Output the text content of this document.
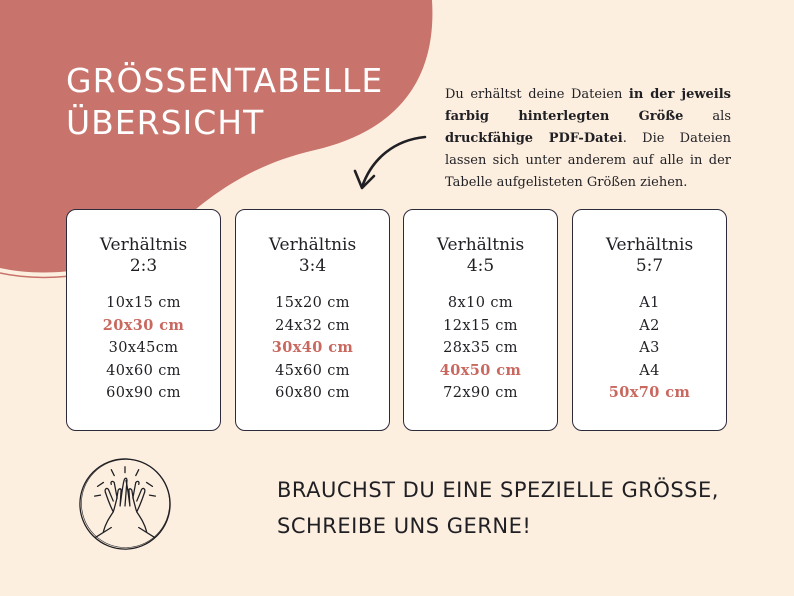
GRÖSSENTABELLE
ÜBERSICHT

Du erhältst deine Dateien in der jeweils farbig hinterlegten Größe als druckfähige PDF-Datei. Die Dateien lassen sich unter anderem auf alle in der Tabelle aufgelisteten Größen ziehen.

Verhältnis
2:3
10x15 cm
20x30 cm
30x45cm
40x60 cm
60x90 cm
Verhältnis
3:4
15x20 cm
24x32 cm
30x40 cm
45x60 cm
60x80 cm
Verhältnis
4:5
8x10 cm
12x15 cm
28x35 cm
40x50 cm
72x90 cm
Verhältnis
5:7
A1
A2
A3
A4
50x70 cm

BRAUCHST DU EINE SPEZIELLE GRÖSSE,
SCHREIBE UNS GERNE!
